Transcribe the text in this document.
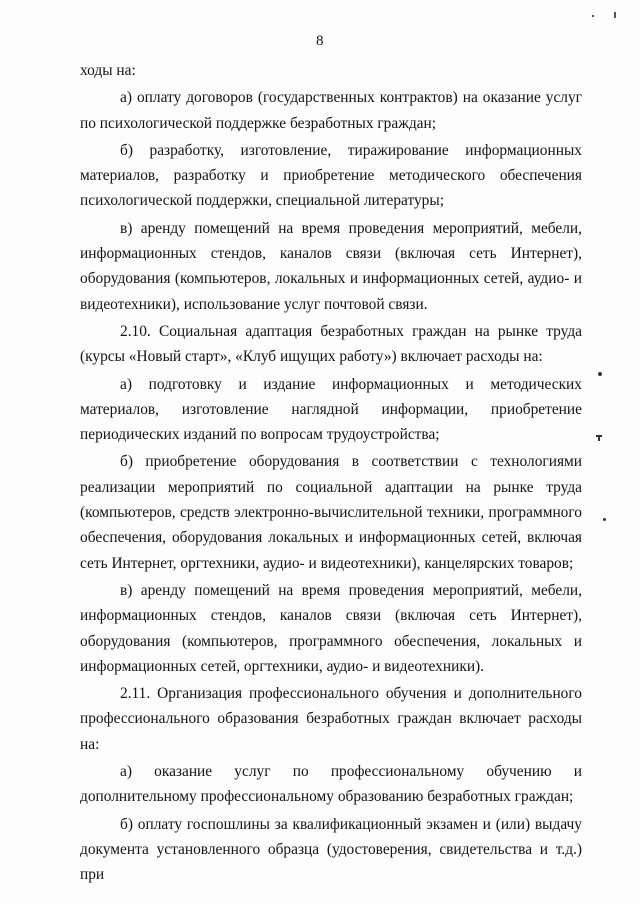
8

ходы на:

а) оплату договоров (государственных контрактов) на оказание услуг по психологической поддержке безработных граждан;

б) разработку, изготовление, тиражирование информационных материалов, разработку и приобретение методического обеспечения психологической поддержки, специальной литературы;

в) аренду помещений на время проведения мероприятий, мебели, информационных стендов, каналов связи (включая сеть Интернет), оборудования (компьютеров, локальных и информационных сетей, аудио- и видеотехники), использование услуг почтовой связи.

2.10. Социальная адаптация безработных граждан на рынке труда (курсы «Новый старт», «Клуб ищущих работу») включает расходы на:

а) подготовку и издание информационных и методических материалов, изготовление наглядной информации, приобретение периодических изданий по вопросам трудоустройства;

б) приобретение оборудования в соответствии с технологиями реализации мероприятий по социальной адаптации на рынке труда (компьютеров, средств электронно-вычислительной техники, программного обеспечения, оборудования локальных и информационных сетей, включая сеть Интернет, оргтехники, аудио- и видеотехники), канцелярских товаров;

в) аренду помещений на время проведения мероприятий, мебели, информационных стендов, каналов связи (включая сеть Интернет), оборудования (компьютеров, программного обеспечения, локальных и информационных сетей, оргтехники, аудио- и видеотехники).

2.11. Организация профессионального обучения и дополнительного профессионального образования безработных граждан включает расходы на:

а) оказание услуг по профессиональному обучению и дополнительному профессиональному образованию безработных граждан;

б) оплату госпошлины за квалификационный экзамен и (или) выдачу документа установленного образца (удостоверения, свидетельства и т.д.) при
